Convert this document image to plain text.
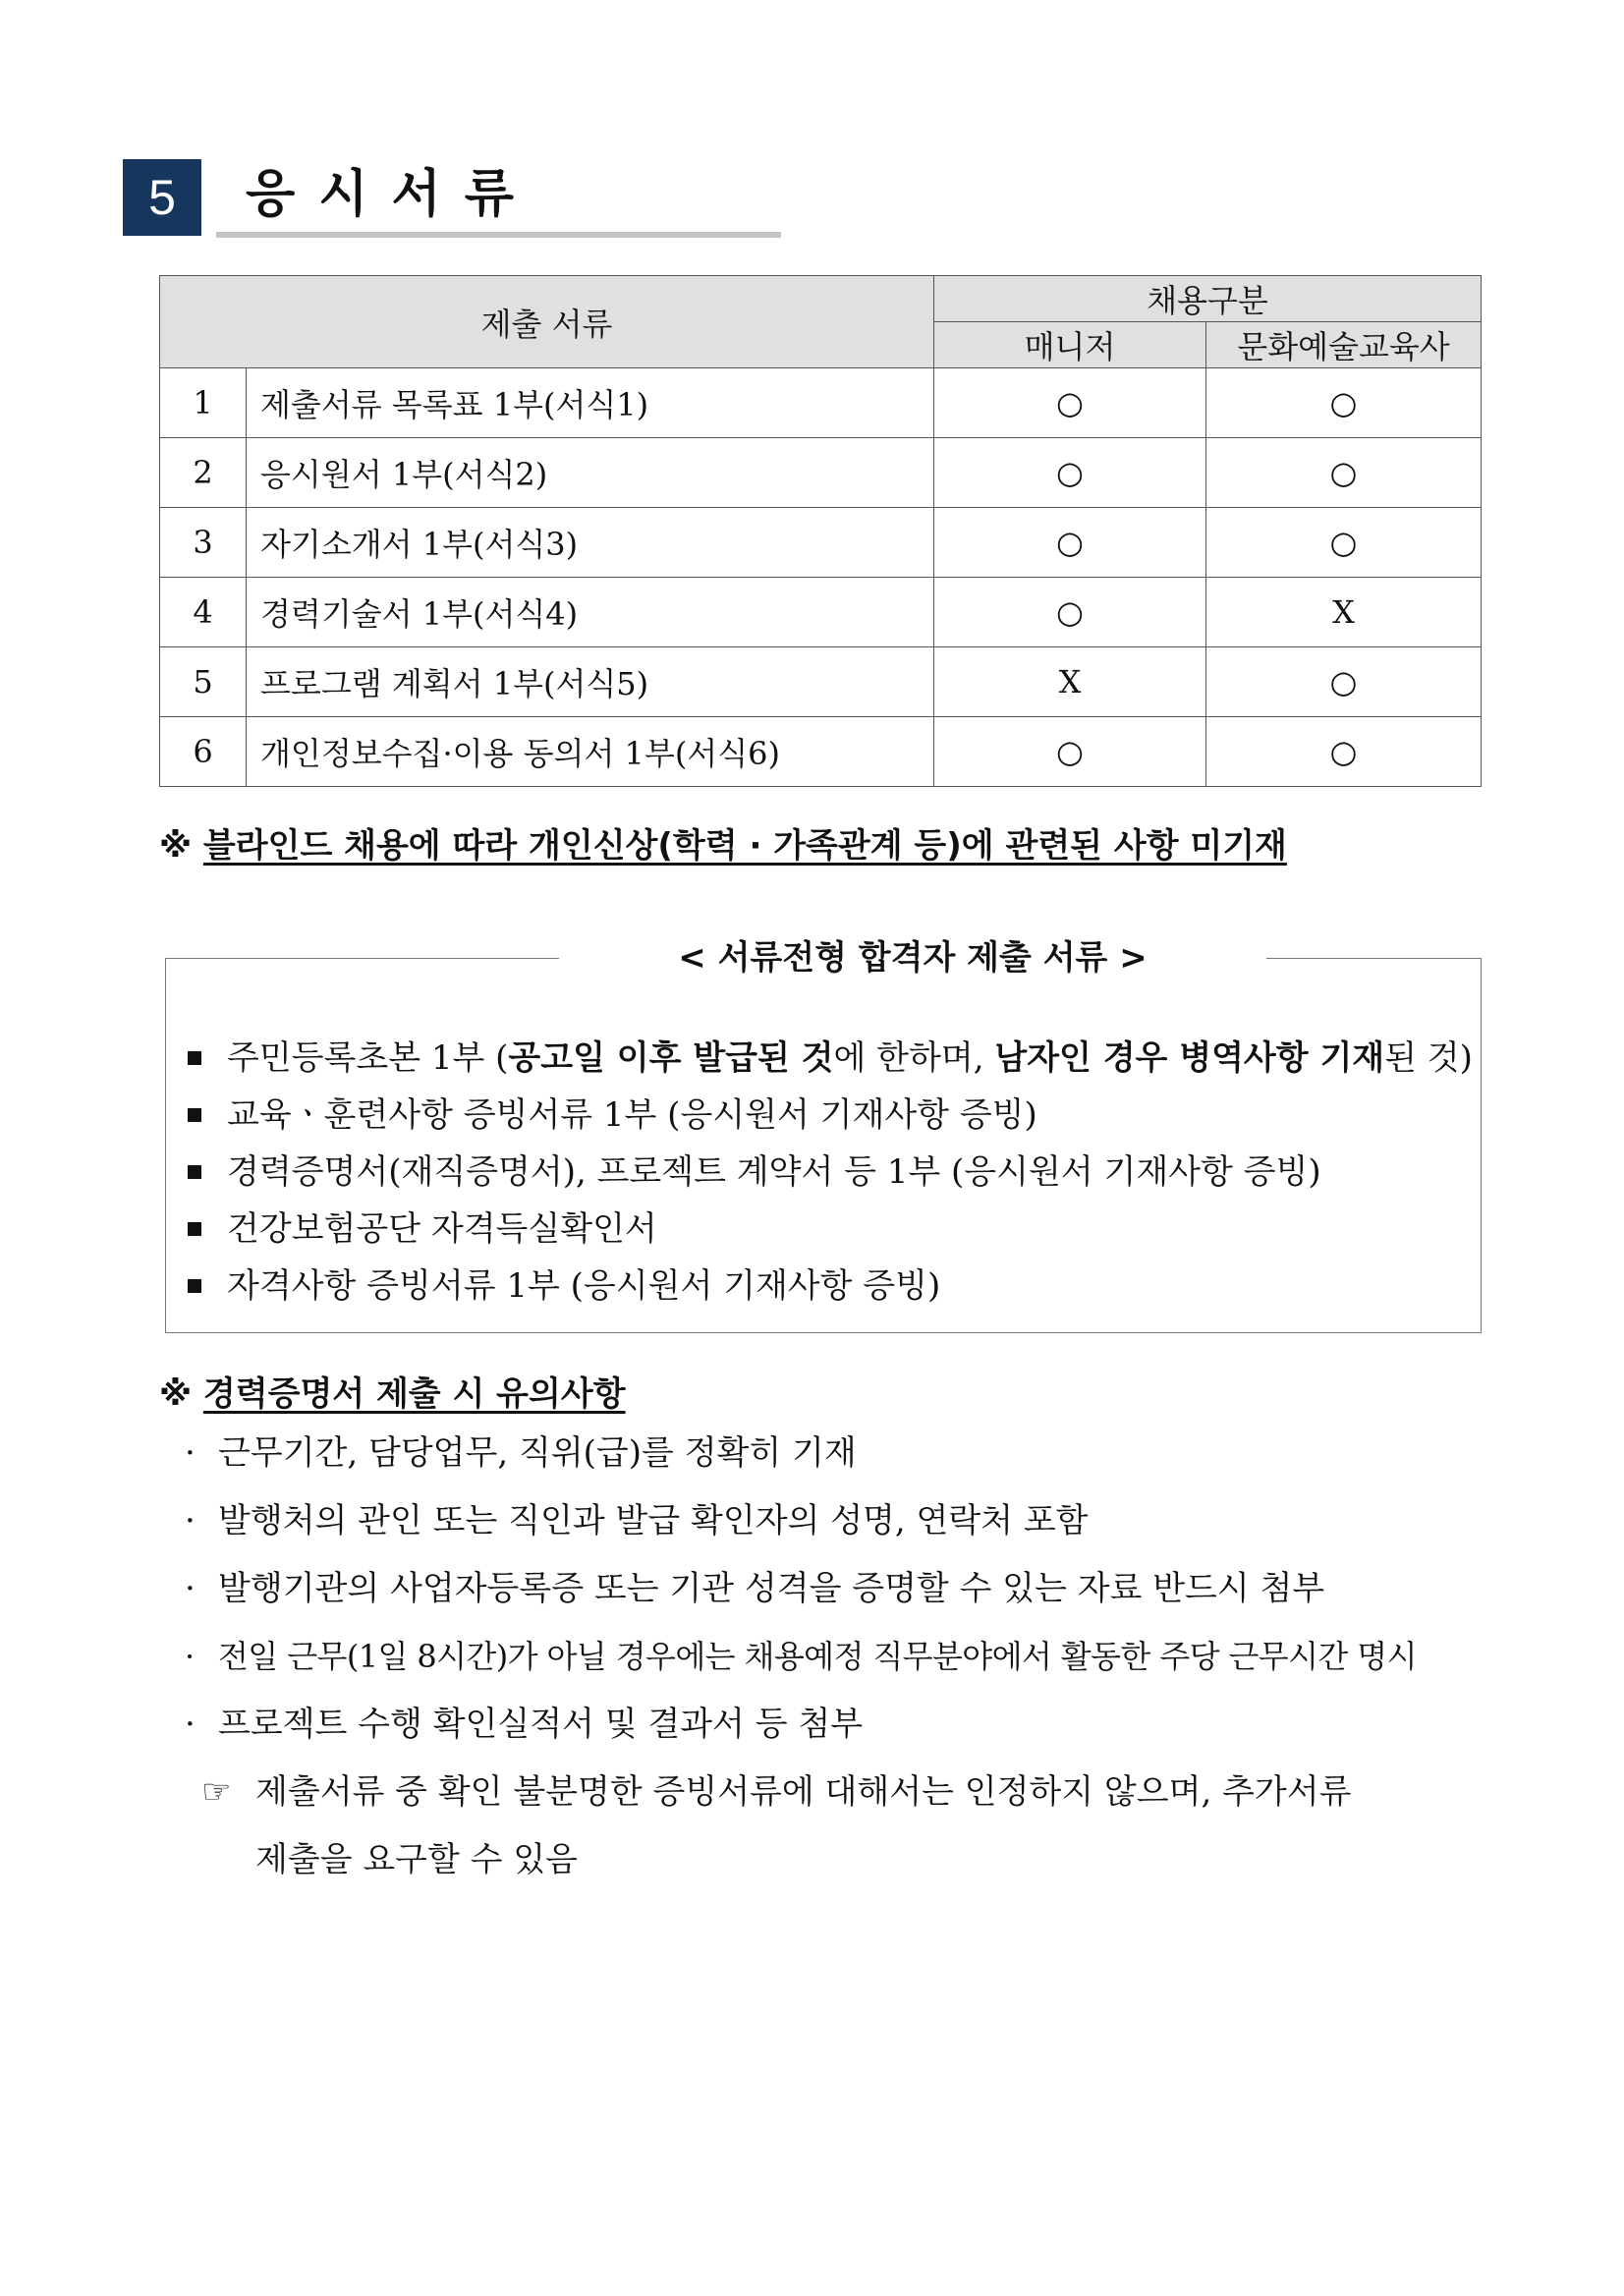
5	응시서류
제출 서류		채용구분	
		매니저	문화예술교육사
1	제출서류 목록표 1부(서식1)	○	○
2	응시원서 1부(서식2)	○	○
3	자기소개서 1부(서식3)	○	○
4	경력기술서 1부(서식4)	○	X
5	프로그램 계획서 1부(서식5)	X	○
6	개인정보수집·이용 동의서 1부(서식6)	○	○
※ 블라인드 채용에 따라 개인신상(학력 · 가족관계 등)에 관련된 사항 미기재
< 서류전형 합격자 제출 서류 >
주민등록초본 1부 (공고일 이후 발급된 것에 한하며, 남자인 경우 병역사항 기재된 것)
교육ㆍ훈련사항 증빙서류 1부 (응시원서 기재사항 증빙)
경력증명서(재직증명서), 프로젝트 계약서 등 1부 (응시원서 기재사항 증빙)
건강보험공단 자격득실확인서
자격사항 증빙서류 1부 (응시원서 기재사항 증빙)
※ 경력증명서 제출 시 유의사항
· 근무기간, 담당업무, 직위(급)를 정확히 기재
· 발행처의 관인 또는 직인과 발급 확인자의 성명, 연락처 포함
· 발행기관의 사업자등록증 또는 기관 성격을 증명할 수 있는 자료 반드시 첨부
· 전일 근무(1일 8시간)가 아닐 경우에는 채용예정 직무분야에서 활동한 주당 근무시간 명시
· 프로젝트 수행 확인실적서 및 결과서 등 첨부
☞ 제출서류 중 확인 불분명한 증빙서류에 대해서는 인정하지 않으며, 추가서류
제출을 요구할 수 있음
